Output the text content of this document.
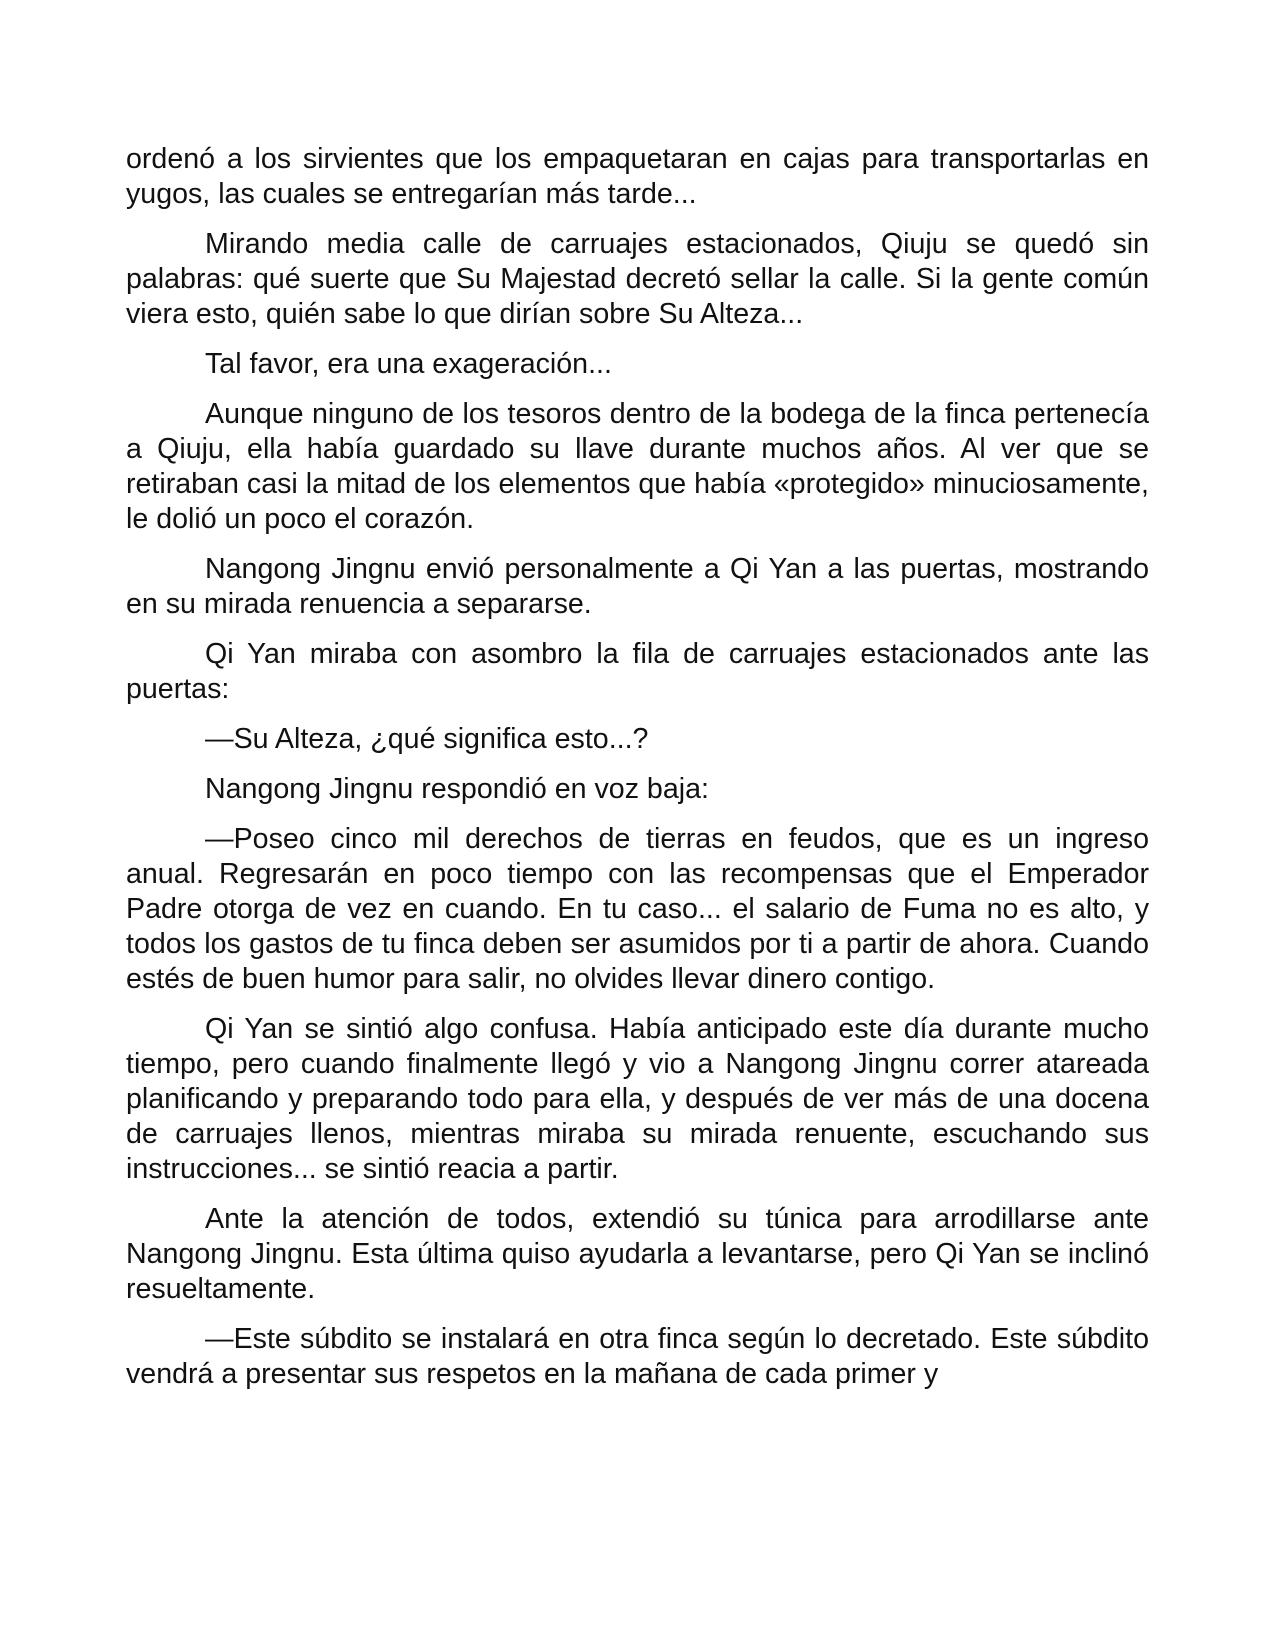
ordenó a los sirvientes que los empaquetaran en cajas para transportarlas en yugos, las cuales se entregarían más tarde...

Mirando media calle de carruajes estacionados, Qiuju se quedó sin palabras: qué suerte que Su Majestad decretó sellar la calle. Si la gente común viera esto, quién sabe lo que dirían sobre Su Alteza...

Tal favor, era una exageración...

Aunque ninguno de los tesoros dentro de la bodega de la finca pertenecía a Qiuju, ella había guardado su llave durante muchos años. Al ver que se retiraban casi la mitad de los elementos que había «protegido» minuciosamente, le dolió un poco el corazón.

Nangong Jingnu envió personalmente a Qi Yan a las puertas, mostrando en su mirada renuencia a separarse.

Qi Yan miraba con asombro la fila de carruajes estacionados ante las puertas:

—Su Alteza, ¿qué significa esto...?

Nangong Jingnu respondió en voz baja:

—Poseo cinco mil derechos de tierras en feudos, que es un ingreso anual. Regresarán en poco tiempo con las recompensas que el Emperador Padre otorga de vez en cuando. En tu caso... el salario de Fuma no es alto, y todos los gastos de tu finca deben ser asumidos por ti a partir de ahora. Cuando estés de buen humor para salir, no olvides llevar dinero contigo.

Qi Yan se sintió algo confusa. Había anticipado este día durante mucho tiempo, pero cuando finalmente llegó y vio a Nangong Jingnu correr atareada planificando y preparando todo para ella, y después de ver más de una docena de carruajes llenos, mientras miraba su mirada renuente, escuchando sus instrucciones... se sintió reacia a partir.

Ante la atención de todos, extendió su túnica para arrodillarse ante Nangong Jingnu. Esta última quiso ayudarla a levantarse, pero Qi Yan se inclinó resueltamente.

—Este súbdito se instalará en otra finca según lo decretado. Este súbdito vendrá a presentar sus respetos en la mañana de cada primer y
